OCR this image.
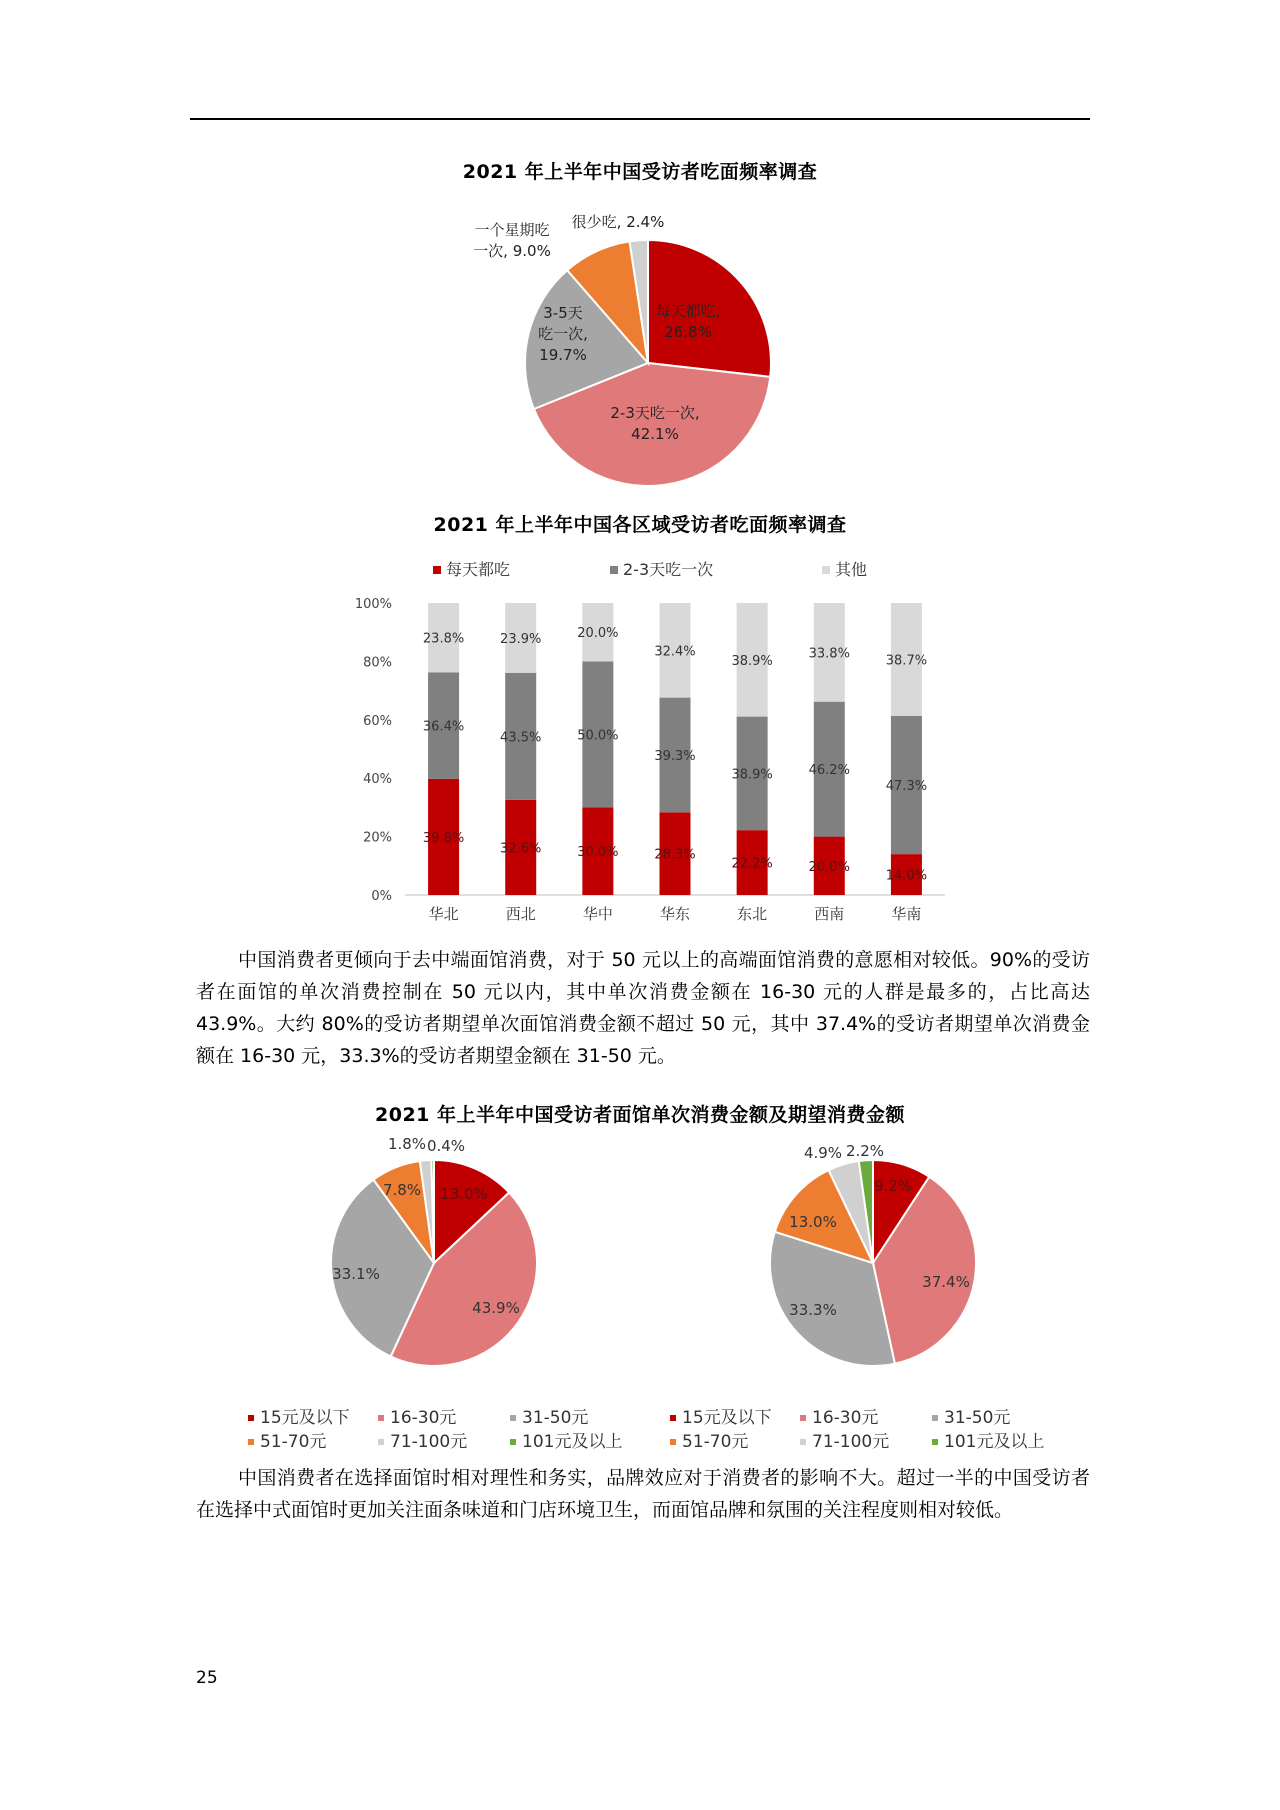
2021 年上半年中国受访者吃面频率调查
2021 年上半年中国各区域受访者吃面频率调查
中国消费者更倾向于去中端面馆消费，对于 50 元以上的高端面馆消费的意愿相对较低。90%的受访者在面馆的单次消费控制在 50 元以内，其中单次消费金额在 16-30 元的人群是最多的，占比高达 43.9%。大约 80%的受访者期望单次面馆消费金额不超过 50 元，其中 37.4%的受访者期望单次消费金额在 16-30 元，33.3%的受访者期望金额在 31-50 元。
2021 年上半年中国受访者面馆单次消费金额及期望消费金额
中国消费者在选择面馆时相对理性和务实，品牌效应对于消费者的影响不大。超过一半的中国受访者在选择中式面馆时更加关注面条味道和门店环境卫生，而面馆品牌和氛围的关注程度则相对较低。
25
每天都吃, 26.8%
2-3天吃一次, 42.1%
3-5天吃一次, 19.7%
一个星期吃一次, 9.0%
很少吃, 2.4%
0%
20%
40%
60%
80%
100%
39.8%
36.4%
23.8%
华北
32.6%
43.5%
23.9%
西北
30.0%
50.0%
20.0%
华中
28.3%
39.3%
32.4%
华东
22.2%
38.9%
38.9%
东北
20.0%
46.2%
33.8%
西南
14.0%
47.3%
38.7%
华南
每天都吃	2-3天吃一次	其他
13.0%
43.9%
33.1%
7.8%
1.8% 0.4%
9.2%
37.4%
33.3%
13.0%
4.9% 2.2%
15元及以下 16-30元	31-50元
51-70元	71-100元	101元及以上
15元及以下 16-30元	31-50元
51-70元	71-100元	101元及以上
